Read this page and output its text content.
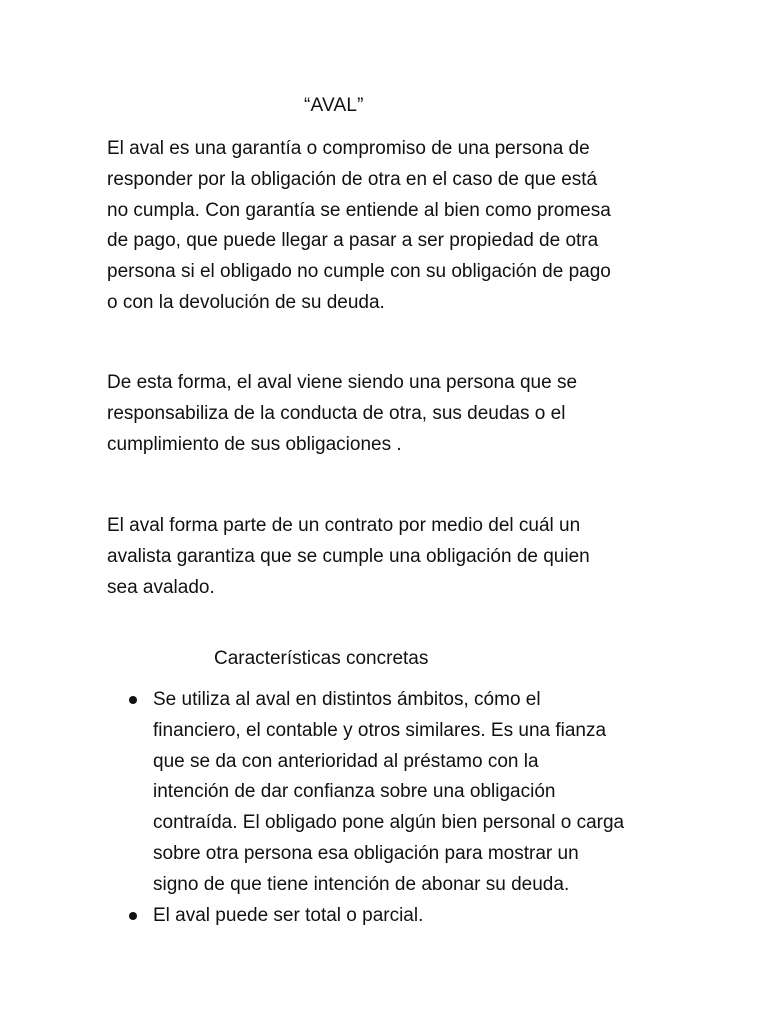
“AVAL”

El aval es una garantía o compromiso de una persona de
responder por la obligación de otra en el caso de que está
no cumpla. Con garantía se entiende al bien como promesa
de pago, que puede llegar a pasar a ser propiedad de otra
persona si el obligado no cumple con su obligación de pago
o con la devolución de su deuda.

De esta forma, el aval viene siendo una persona que se
responsabiliza de la conducta de otra, sus deudas o el
cumplimiento de sus obligaciones .

El aval forma parte de un contrato por medio del cuál un
avalista garantiza que se cumple una obligación de quien
sea avalado.

Características concretas
Se utiliza al aval en distintos ámbitos, cómo el
financiero, el contable y otros similares. Es una fianza
que se da con anterioridad al préstamo con la
intención de dar confianza sobre una obligación
contraída. El obligado pone algún bien personal o carga
sobre otra persona esa obligación para mostrar un
signo de que tiene intención de abonar su deuda.
El aval puede ser total o parcial.
